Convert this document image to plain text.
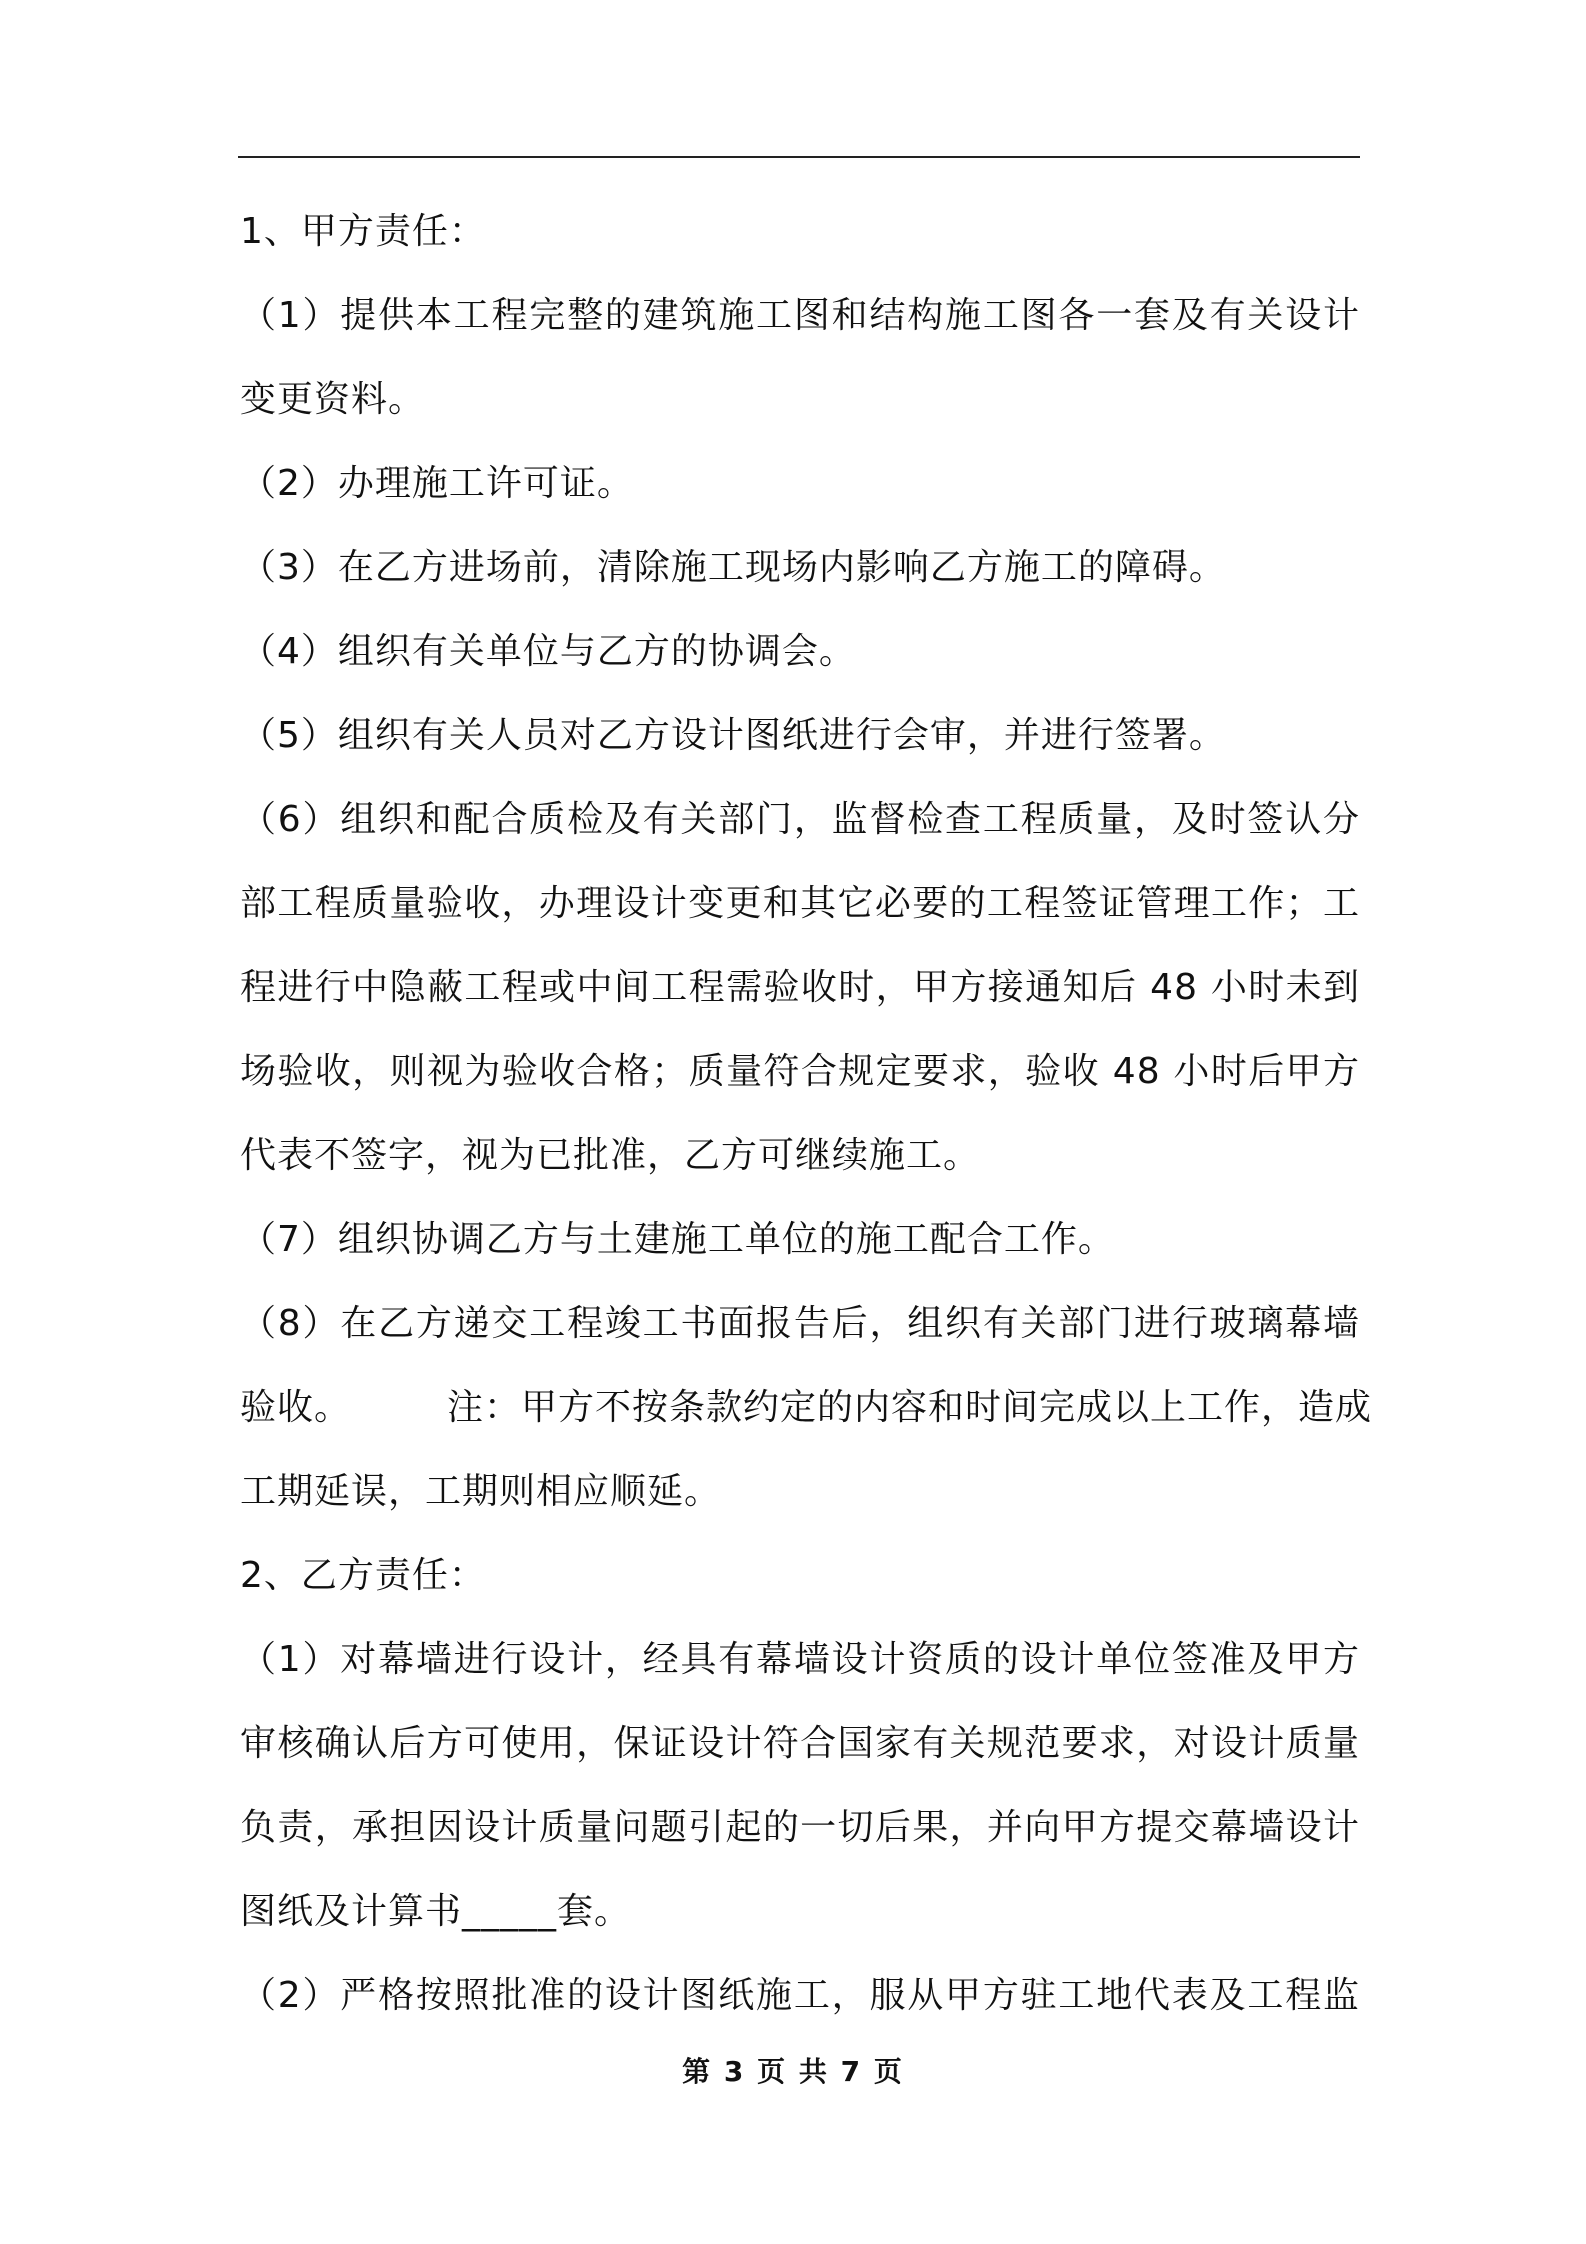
1、甲方责任：
（1）提供本工程完整的建筑施工图和结构施工图各一套及有关设计
变更资料。
（2）办理施工许可证。
（3）在乙方进场前，清除施工现场内影响乙方施工的障碍。
（4）组织有关单位与乙方的协调会。
（5）组织有关人员对乙方设计图纸进行会审，并进行签署。
（6）组织和配合质检及有关部门，监督检查工程质量，及时签认分
部工程质量验收，办理设计变更和其它必要的工程签证管理工作；工
程进行中隐蔽工程或中间工程需验收时，甲方接通知后 48 小时未到
场验收，则视为验收合格；质量符合规定要求，验收 48 小时后甲方
代表不签字，视为已批准，乙方可继续施工。
（7）组织协调乙方与土建施工单位的施工配合工作。
（8）在乙方递交工程竣工书面报告后，组织有关部门进行玻璃幕墙
验收。	注：甲方不按条款约定的内容和时间完成以上工作，造成
工期延误，工期则相应顺延。
2、乙方责任：
（1）对幕墙进行设计，经具有幕墙设计资质的设计单位签准及甲方
审核确认后方可使用，保证设计符合国家有关规范要求，对设计质量
负责，承担因设计质量问题引起的一切后果，并向甲方提交幕墙设计
图纸及计算书_____套。
（2）严格按照批准的设计图纸施工，服从甲方驻工地代表及工程监
第 3 页 共 7 页
